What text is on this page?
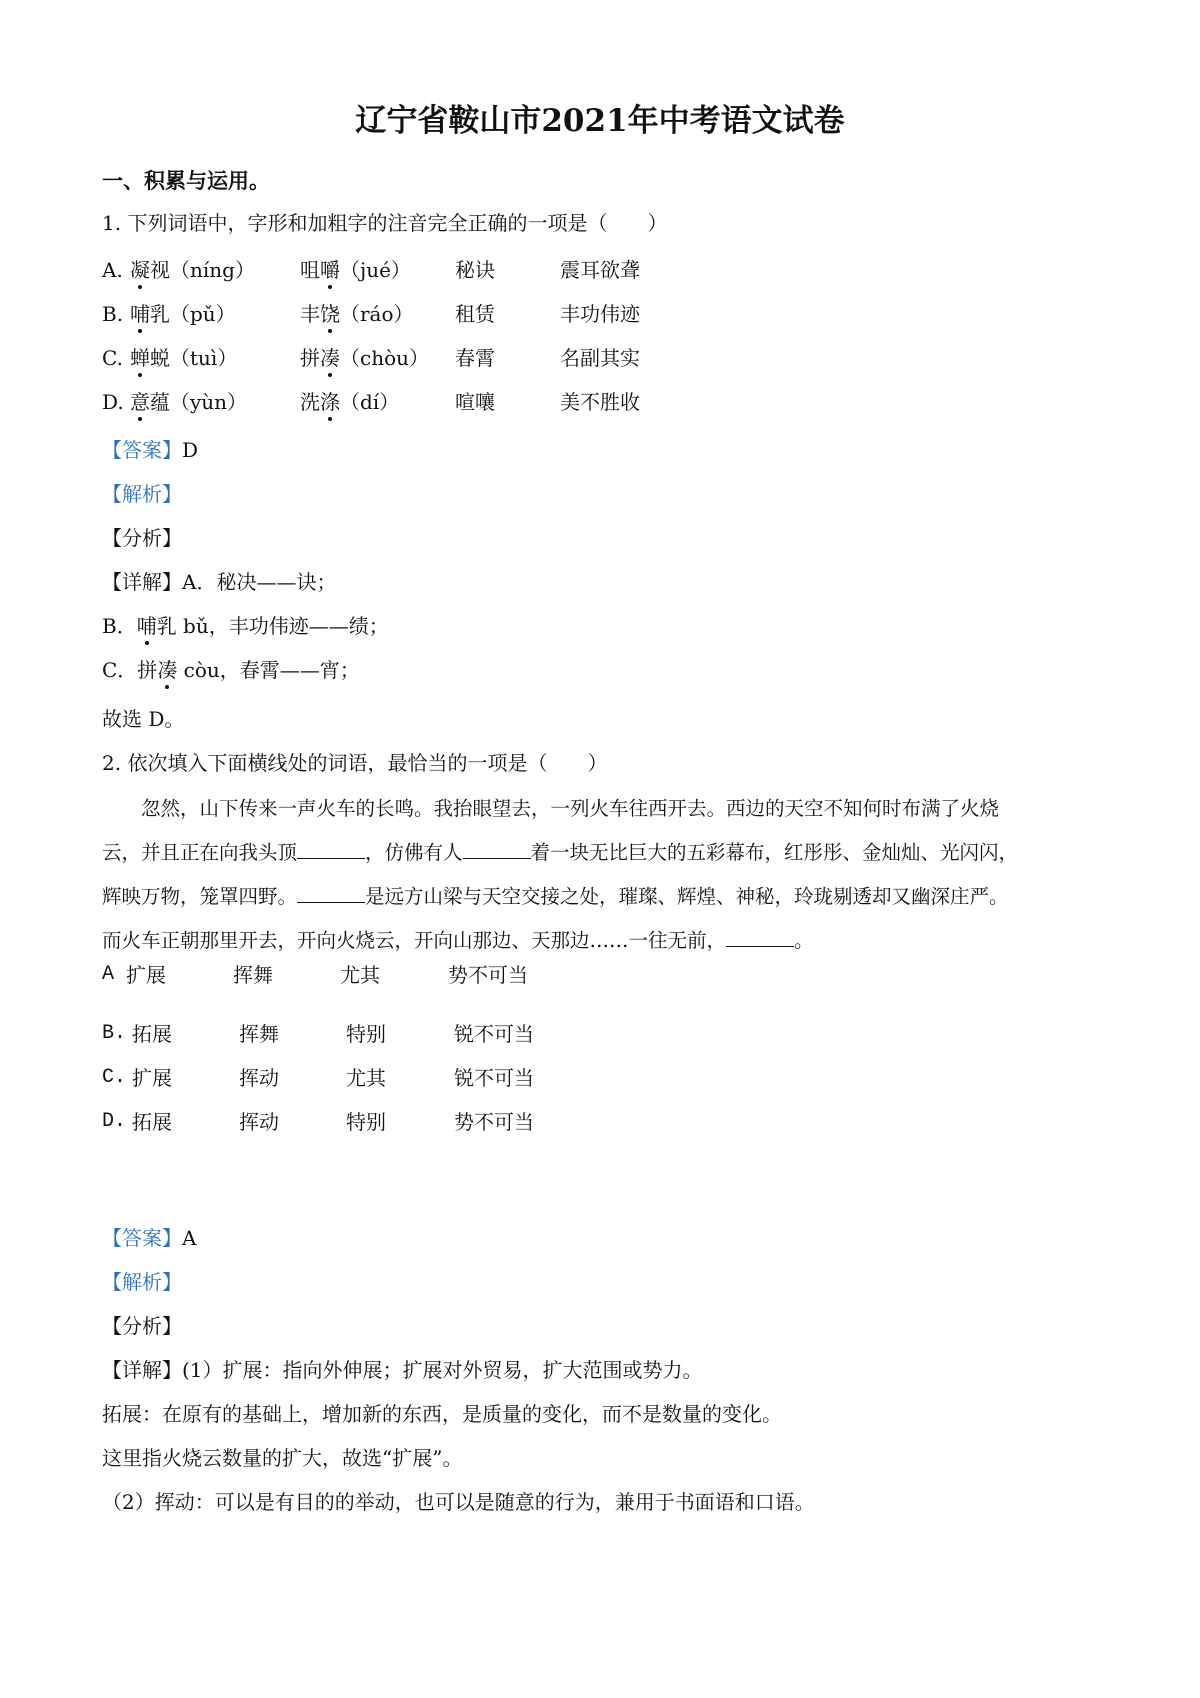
辽宁省鞍山市2021年中考语文试卷
一、积累与运用。
1. 下列词语中，字形和加粗字的注音完全正确的一项是（　　）
A. 凝视（níng） 咀嚼（jué） 秘诀	震耳欲聋
B. 哺乳（pǔ）	丰饶（ráo） 租赁	丰功伟迹
C. 蝉蜕（tuì）	拼凑（chòu） 春霄	名副其实
D. 意蕴（yùn）	洗涤（dí）	喧嚷	美不胜收
【答案】D
【解析】
【分析】
【详解】A．秘决——诀；
B．哺乳 bǔ，丰功伟迹——绩；
C．拼凑 còu，春霄——宵；
故选 D。
2. 依次填入下面横线处的词语，最恰当的一项是（　　）
　　忽然，山下传来一声火车的长鸣。我抬眼望去，一列火车往西开去。西边的天空不知何时布满了火烧
云，并且正在向我头顶	，仿佛有人	着一块无比巨大的五彩幕布，红彤彤、金灿灿、光闪闪，
辉映万物，笼罩四野。	是远方山梁与天空交接之处，璀璨、辉煌、神秘，玲珑剔透却又幽深庄严。
而火车正朝那里开去，开向火烧云，开向山那边、天那边……一往无前，	。
A 扩展	挥舞	尤其	势不可当
B. 拓展	挥舞	特别	锐不可当
C. 扩展	挥动	尤其	锐不可当
D. 拓展	挥动	特别	势不可当
【答案】A
【解析】
【分析】
【详解】(1）扩展：指向外伸展；扩展对外贸易，扩大范围或势力。
拓展：在原有的基础上，增加新的东西，是质量的变化，而不是数量的变化。
这里指火烧云数量的扩大，故选“扩展”。
（2）挥动：可以是有目的的举动，也可以是随意的行为，兼用于书面语和口语。
